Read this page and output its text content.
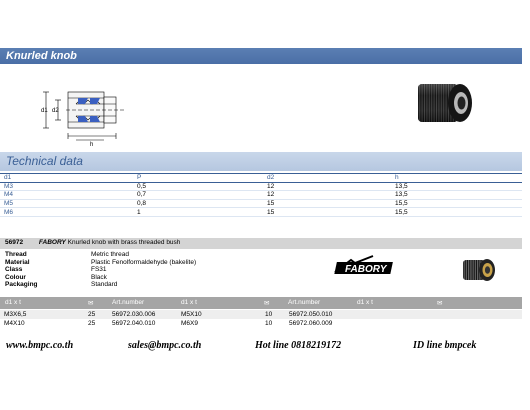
Knurled knob
d1 d2
h
Technical data
d1	P	d2	h
M3	0,5	12	13,5
M4	0,7	12	13,5
M5	0,8	15	15,5
M6	1	15	15,5
56972 FABORY Knurled knob with brass threaded bush
Thread	Metric thread
Material	Plastic Fenolformaldehyde (bakelite)
Class	FS31
Colour	Black
Packaging	Standard
FABORY
d1 x t	✉	Art.number	d1 x t	✉	Art.number	d1 x t	✉
M3X6,5	25	56972.030.006	M5X10	10	56972.050.010	
M4X10	25	56972.040.010	M6X9	10	56972.060.009	
www.bmpc.co.th	sales@bmpc.co.th	Hot line 0818219172	ID line bmpcek
